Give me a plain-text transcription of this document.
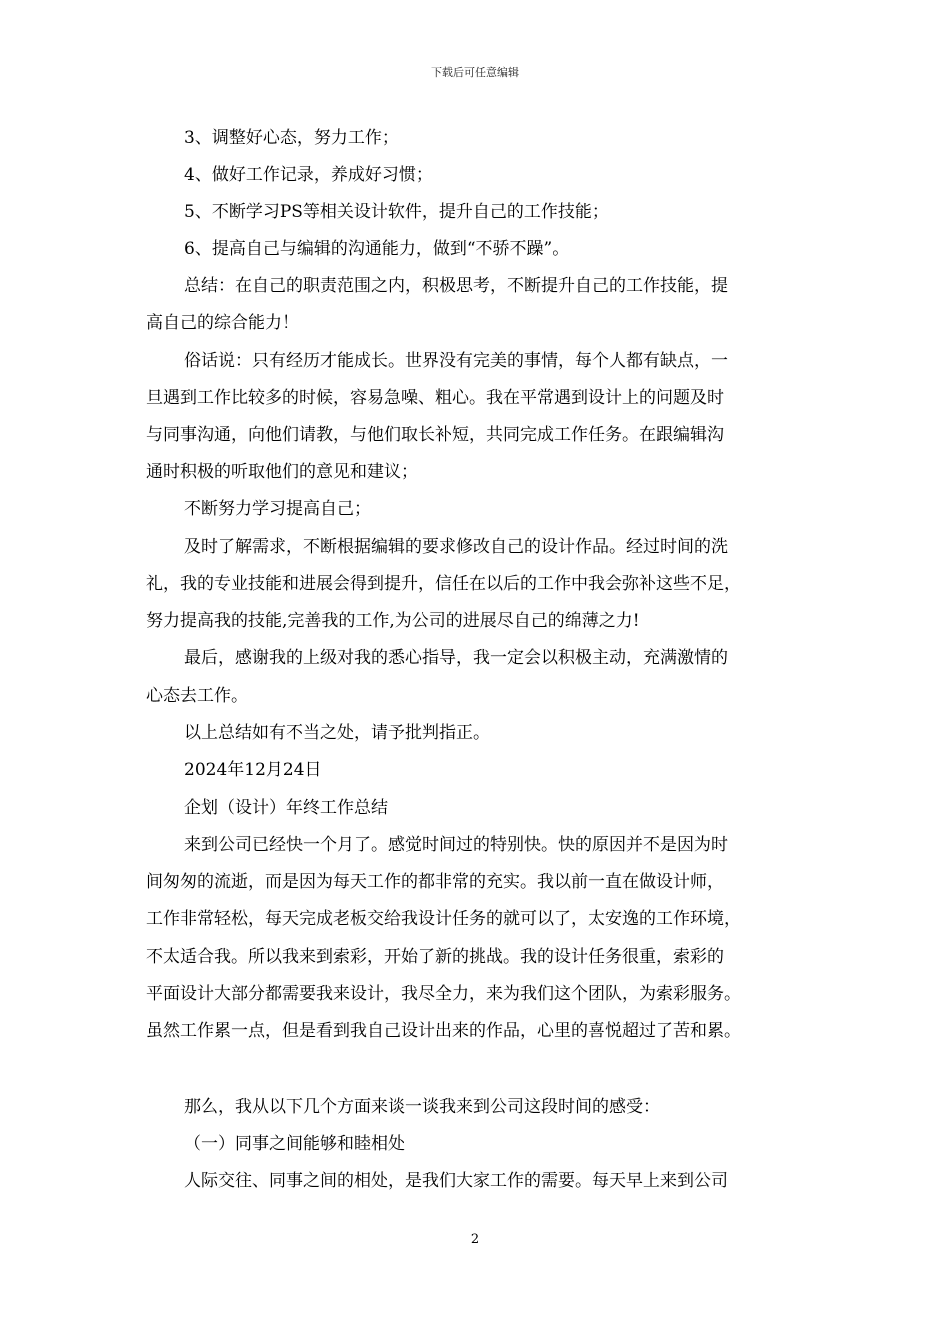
下载后可任意编辑
3、调整好心态，努力工作；
4、做好工作记录，养成好习惯；
5、不断学习PS等相关设计软件，提升自己的工作技能；
6、提高自己与编辑的沟通能力，做到“不骄不躁”。
总结：在自己的职责范围之内，积极思考，不断提升自己的工作技能，提
高自己的综合能力！
俗话说：只有经历才能成长。世界没有完美的事情，每个人都有缺点，一
旦遇到工作比较多的时候，容易急噪、粗心。我在平常遇到设计上的问题及时
与同事沟通，向他们请教，与他们取长补短，共同完成工作任务。在跟编辑沟
通时积极的听取他们的意见和建议；
不断努力学习提高自己；
及时了解需求，不断根据编辑的要求修改自己的设计作品。经过时间的洗
礼，我的专业技能和进展会得到提升，信任在以后的工作中我会弥补这些不足，
努力提高我的技能,完善我的工作,为公司的进展尽自己的绵薄之力!
最后，感谢我的上级对我的悉心指导，我一定会以积极主动，充满激情的
心态去工作。
以上总结如有不当之处，请予批判指正。
2024年12月24日
企划（设计）年终工作总结
来到公司已经快一个月了。感觉时间过的特别快。快的原因并不是因为时
间匆匆的流逝，而是因为每天工作的都非常的充实。我以前一直在做设计师，
工作非常轻松，每天完成老板交给我设计任务的就可以了，太安逸的工作环境，
不太适合我。所以我来到索彩，开始了新的挑战。我的设计任务很重，索彩的
平面设计大部分都需要我来设计，我尽全力，来为我们这个团队，为索彩服务。
虽然工作累一点，但是看到我自己设计出来的作品，心里的喜悦超过了苦和累。
那么，我从以下几个方面来谈一谈我来到公司这段时间的感受：
（一）同事之间能够和睦相处
人际交往、同事之间的相处，是我们大家工作的需要。每天早上来到公司
2
